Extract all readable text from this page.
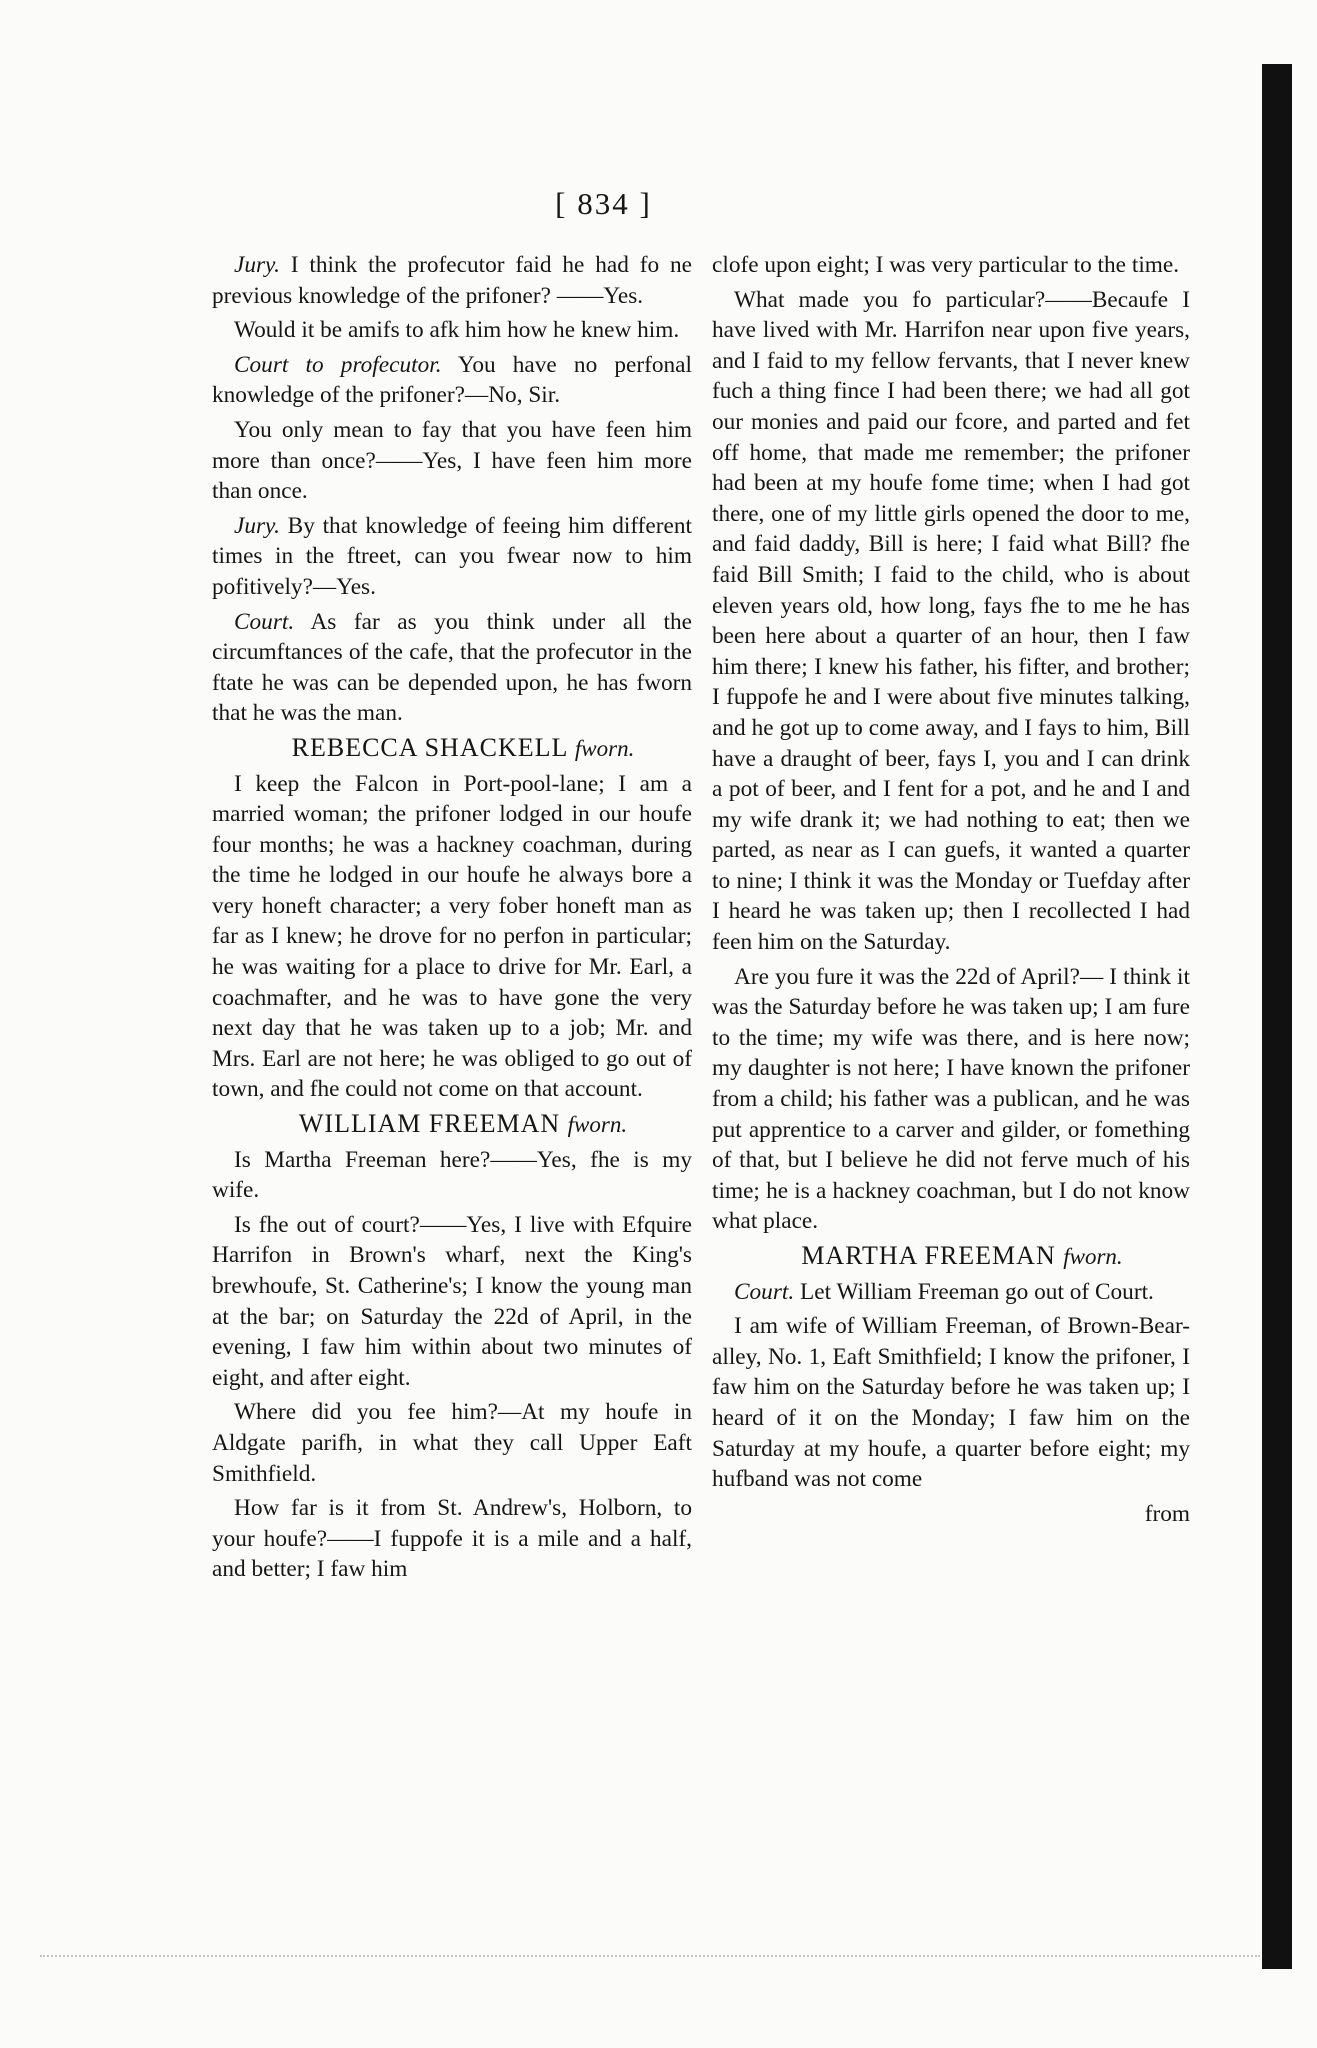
[ 834 ]

Jury. I think the profecutor faid he had fo ne previous knowledge of the prifoner? ——Yes.

Would it be amifs to afk him how he knew him.

Court to profecutor. You have no perfonal knowledge of the prifoner?—No, Sir.

You only mean to fay that you have feen him more than once?——Yes, I have feen him more than once.

Jury. By that knowledge of feeing him different times in the ftreet, can you fwear now to him pofitively?—Yes.

Court. As far as you think under all the circumftances of the cafe, that the profecutor in the ftate he was can be depended upon, he has fworn that he was the man.

REBECCA SHACKELL fworn.

I keep the Falcon in Port-pool-lane; I am a married woman; the prifoner lodged in our houfe four months; he was a hackney coachman, during the time he lodged in our houfe he always bore a very honeft character; a very fober honeft man as far as I knew; he drove for no perfon in particular; he was waiting for a place to drive for Mr. Earl, a coachmafter, and he was to have gone the very next day that he was taken up to a job; Mr. and Mrs. Earl are not here; he was obliged to go out of town, and fhe could not come on that account.

WILLIAM FREEMAN fworn.

Is Martha Freeman here?——Yes, fhe is my wife.

Is fhe out of court?——Yes, I live with Efquire Harrifon in Brown's wharf, next the King's brewhoufe, St. Catherine's; I know the young man at the bar; on Saturday the 22d of April, in the evening, I faw him within about two minutes of eight, and after eight.

Where did you fee him?—At my houfe in Aldgate parifh, in what they call Upper Eaft Smithfield.

How far is it from St. Andrew's, Holborn, to your houfe?——I fuppofe it is a mile and a half, and better; I faw him

clofe upon eight; I was very particular to the time.

What made you fo particular?——Becaufe I have lived with Mr. Harrifon near upon five years, and I faid to my fellow fervants, that I never knew fuch a thing fince I had been there; we had all got our monies and paid our fcore, and parted and fet off home, that made me remember; the prifoner had been at my houfe fome time; when I had got there, one of my little girls opened the door to me, and faid daddy, Bill is here; I faid what Bill? fhe faid Bill Smith; I faid to the child, who is about eleven years old, how long, fays fhe to me he has been here about a quarter of an hour, then I faw him there; I knew his father, his fifter, and brother; I fuppofe he and I were about five minutes talking, and he got up to come away, and I fays to him, Bill have a draught of beer, fays I, you and I can drink a pot of beer, and I fent for a pot, and he and I and my wife drank it; we had nothing to eat; then we parted, as near as I can guefs, it wanted a quarter to nine; I think it was the Monday or Tuefday after I heard he was taken up; then I recollected I had feen him on the Saturday.

Are you fure it was the 22d of April?— I think it was the Saturday before he was taken up; I am fure to the time; my wife was there, and is here now; my daughter is not here; I have known the prifoner from a child; his father was a publican, and he was put apprentice to a carver and gilder, or fomething of that, but I believe he did not ferve much of his time; he is a hackney coachman, but I do not know what place.

MARTHA FREEMAN fworn.

Court. Let William Freeman go out of Court.

I am wife of William Freeman, of Brown-Bear-alley, No. 1, Eaft Smithfield; I know the prifoner, I faw him on the Saturday before he was taken up; I heard of it on the Monday; I faw him on the Saturday at my houfe, a quarter before eight; my hufband was not come

from
